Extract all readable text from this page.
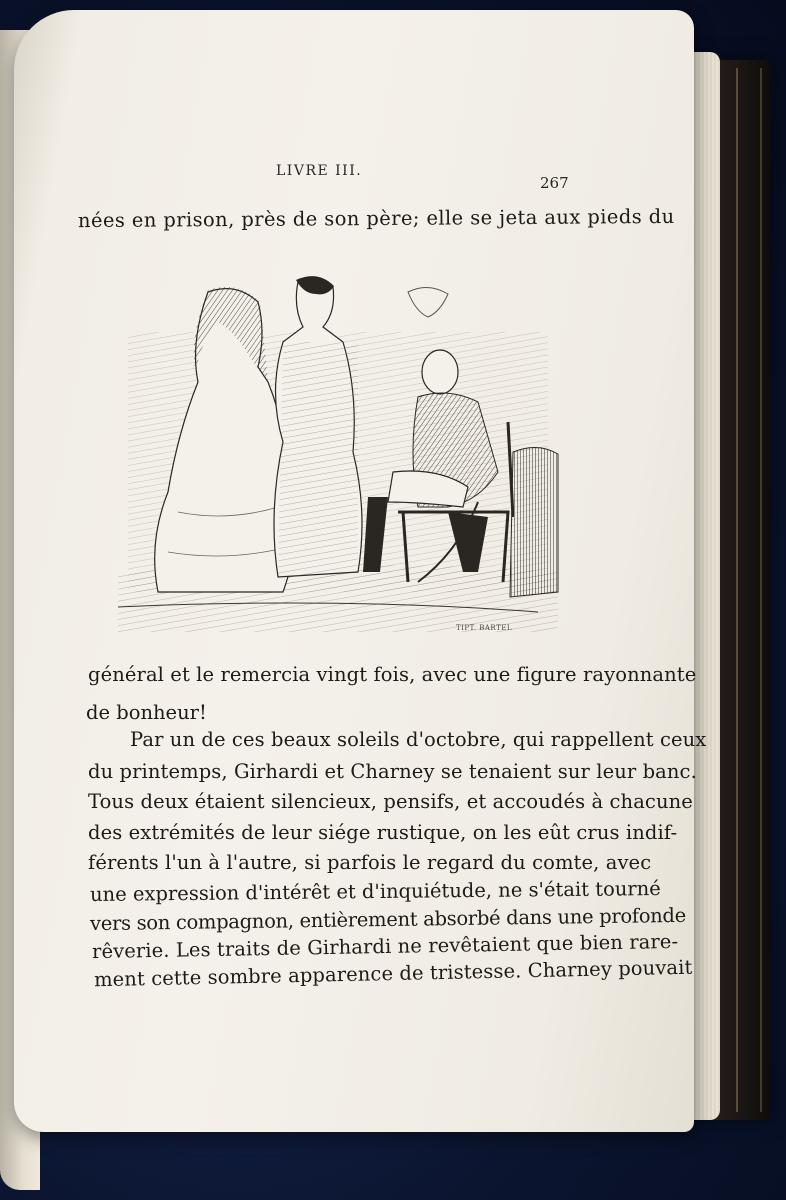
LIVRE III.
267
nées en prison, près de son père; elle se jeta aux pieds du
TIPT. BARTEL
général et le remercia vingt fois, avec une figure rayonnante
de bonheur!
Par un de ces beaux soleils d'octobre, qui rappellent ceux
du printemps, Girhardi et Charney se tenaient sur leur banc.
Tous deux étaient silencieux, pensifs, et accoudés à chacune
des extrémités de leur siége rustique, on les eût crus indif-
férents l'un à l'autre, si parfois le regard du comte, avec
une expression d'intérêt et d'inquiétude, ne s'était tourné
vers son compagnon, entièrement absorbé dans une profonde
rêverie. Les traits de Girhardi ne revêtaient que bien rare-
ment cette sombre apparence de tristesse. Charney pouvait
